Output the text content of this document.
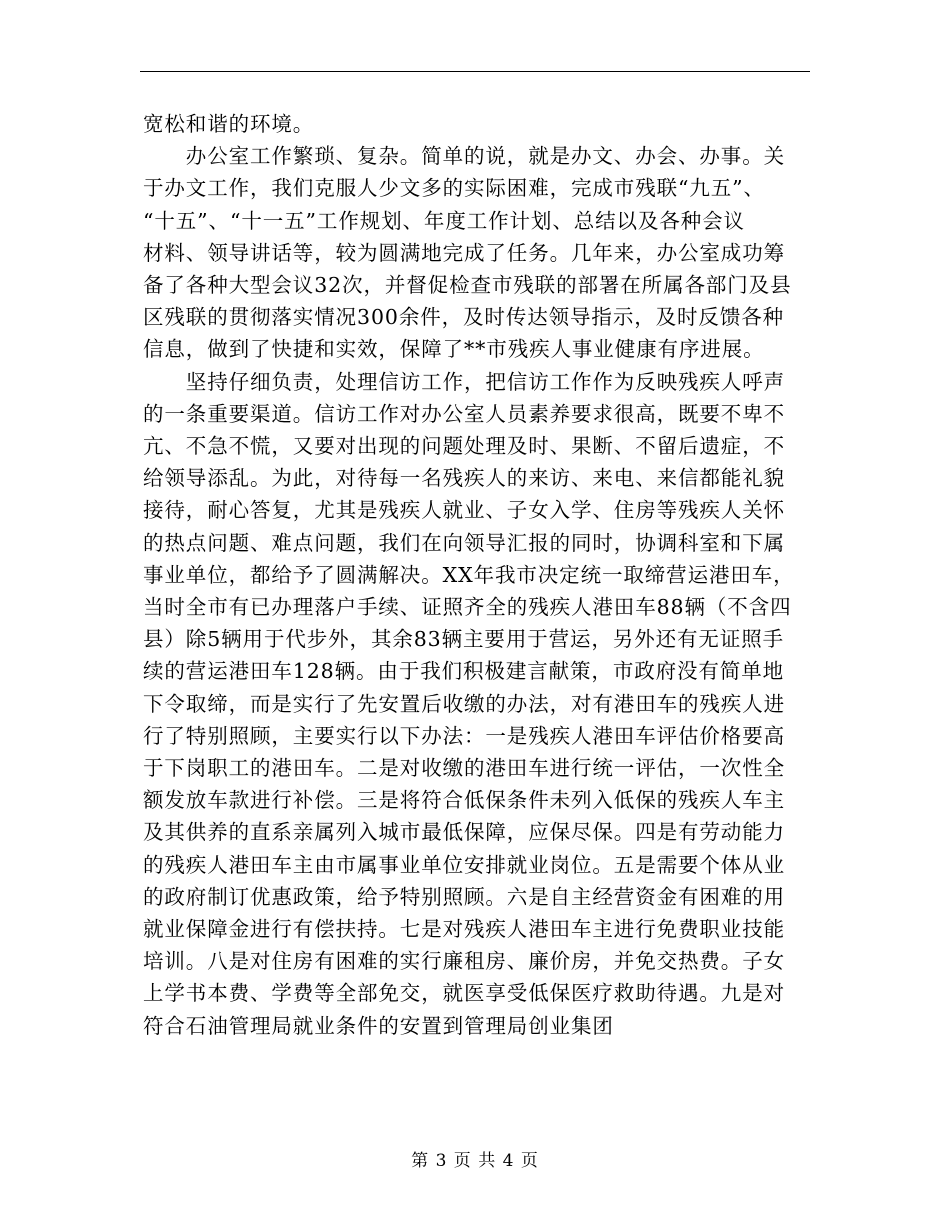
宽松和谐的环境。
　　办公室工作繁琐、复杂。简单的说，就是办文、办会、办事。关
于办文工作，我们克服人少文多的实际困难，完成市残联“九五”、
“十五”、“十一五”工作规划、年度工作计划、总结以及各种会议
材料、领导讲话等，较为圆满地完成了任务。几年来，办公室成功筹
备了各种大型会议32次，并督促检查市残联的部署在所属各部门及县
区残联的贯彻落实情况300余件，及时传达领导指示，及时反馈各种
信息，做到了快捷和实效，保障了**市残疾人事业健康有序进展。
　　坚持仔细负责，处理信访工作，把信访工作作为反映残疾人呼声
的一条重要渠道。信访工作对办公室人员素养要求很高，既要不卑不
亢、不急不慌，又要对出现的问题处理及时、果断、不留后遗症，不
给领导添乱。为此，对待每一名残疾人的来访、来电、来信都能礼貌
接待，耐心答复，尤其是残疾人就业、子女入学、住房等残疾人关怀
的热点问题、难点问题，我们在向领导汇报的同时，协调科室和下属
事业单位，都给予了圆满解决。XX年我市决定统一取缔营运港田车，
当时全市有已办理落户手续、证照齐全的残疾人港田车88辆（不含四
县）除5辆用于代步外，其余83辆主要用于营运，另外还有无证照手
续的营运港田车128辆。由于我们积极建言献策，市政府没有简单地
下令取缔，而是实行了先安置后收缴的办法，对有港田车的残疾人进
行了特别照顾，主要实行以下办法：一是残疾人港田车评估价格要高
于下岗职工的港田车。二是对收缴的港田车进行统一评估，一次性全
额发放车款进行补偿。三是将符合低保条件未列入低保的残疾人车主
及其供养的直系亲属列入城市最低保障，应保尽保。四是有劳动能力
的残疾人港田车主由市属事业单位安排就业岗位。五是需要个体从业
的政府制订优惠政策，给予特别照顾。六是自主经营资金有困难的用
就业保障金进行有偿扶持。七是对残疾人港田车主进行免费职业技能
培训。八是对住房有困难的实行廉租房、廉价房，并免交热费。子女
上学书本费、学费等全部免交，就医享受低保医疗救助待遇。九是对
符合石油管理局就业条件的安置到管理局创业集团
第 3 页 共 4 页
